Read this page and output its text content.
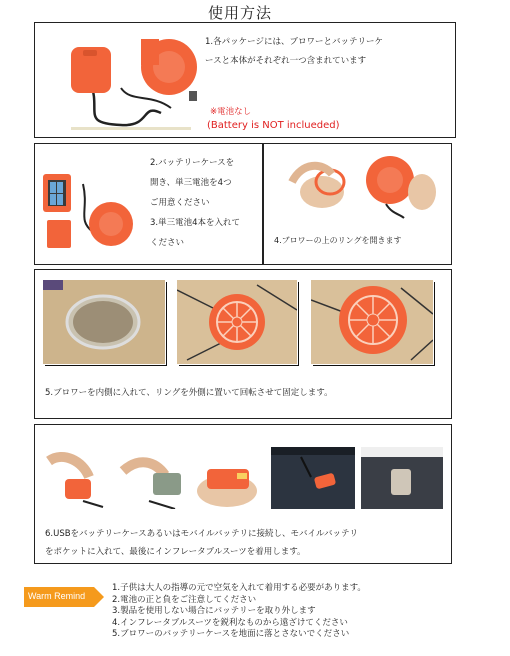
使用方法
1.各パッケージには、ブロワーとバッテリーケ
ースと本体がそれぞれ一つ含まれています
※電池なし
(Battery is NOT inclueded)
2.バッテリーケースを
開き、単三電池を4つ
ご用意ください
3.単三電池4本を入れて
ください	4.ブロワーの上のリングを開きます
5.ブロワーを内側に入れて、リングを外側に置いて回転させて固定します。
6.USBをバッテリーケースあるいはモバイルバッテリに接続し、モバイルバッテリ
をポケットに入れて、最後にインフレータブルスーツを着用します。
Warm Remind
1.子供は大人の指導の元で空気を入れて着用する必要があります。
2.電池の正と負をご注意してください
3.製品を使用しない場合にバッテリーを取り外します
4.インフレータブルスーツを鋭利なものから遠ざけてください
5.ブロワーのバッテリーケースを地面に落とさないでください
